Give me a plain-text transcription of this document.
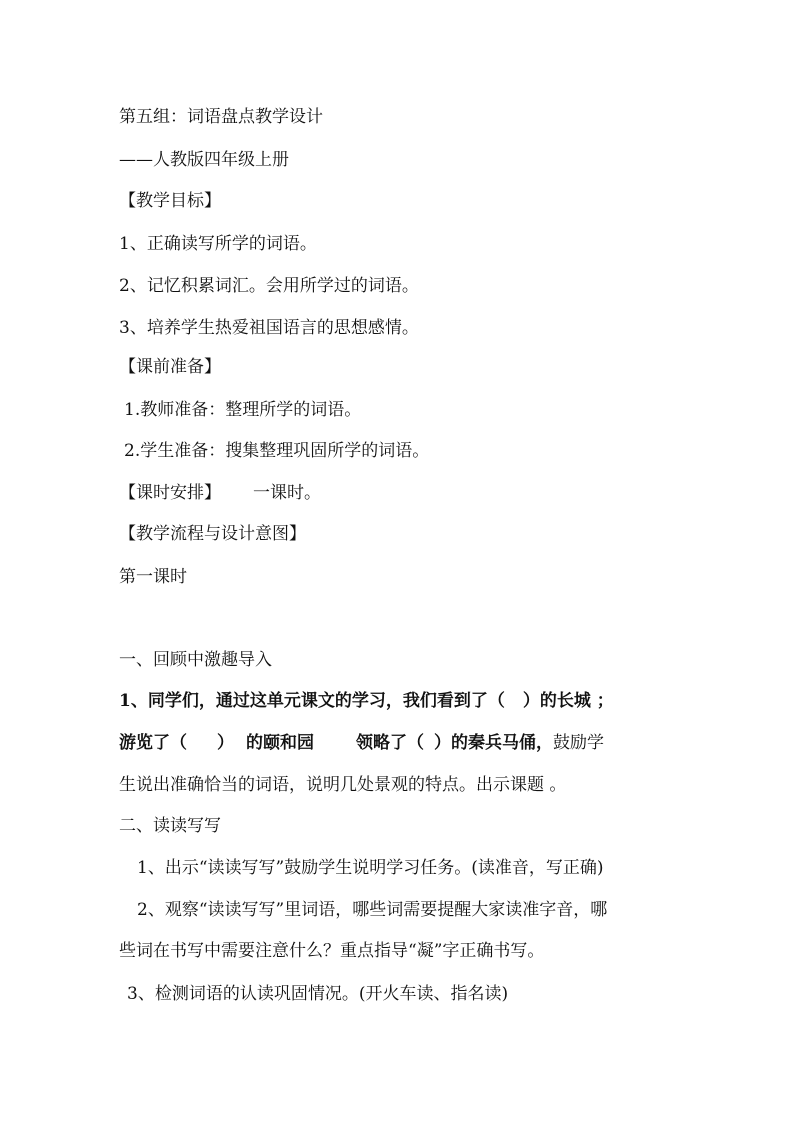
第五组：词语盘点教学设计

——人教版四年级上册

【教学目标】

1、正确读写所学的词语。

2、记忆积累词汇。会用所学过的词语。

3、培养学生热爱祖国语言的思想感情。

【课前准备】

1.教师准备：整理所学的词语。

2.学生准备：搜集整理巩固所学的词语。

【课时安排】 一课时。

【教学流程与设计意图】

第一课时

一、回顾中激趣导入

1、同学们，通过这单元课文的学习，我们看到了（ ）的长城 ；

游览了（ ） 的颐和园 领略了（ ）的秦兵马俑，鼓励学

生说出准确恰当的词语，说明几处景观的特点。出示课题 。

二、读读写写

1、出示“读读写写”鼓励学生说明学习任务。(读准音，写正确)

2、观察“读读写写”里词语，哪些词需要提醒大家读准字音，哪

些词在书写中需要注意什么？重点指导“凝”字正确书写。

3、检测词语的认读巩固情况。(开火车读、指名读)
